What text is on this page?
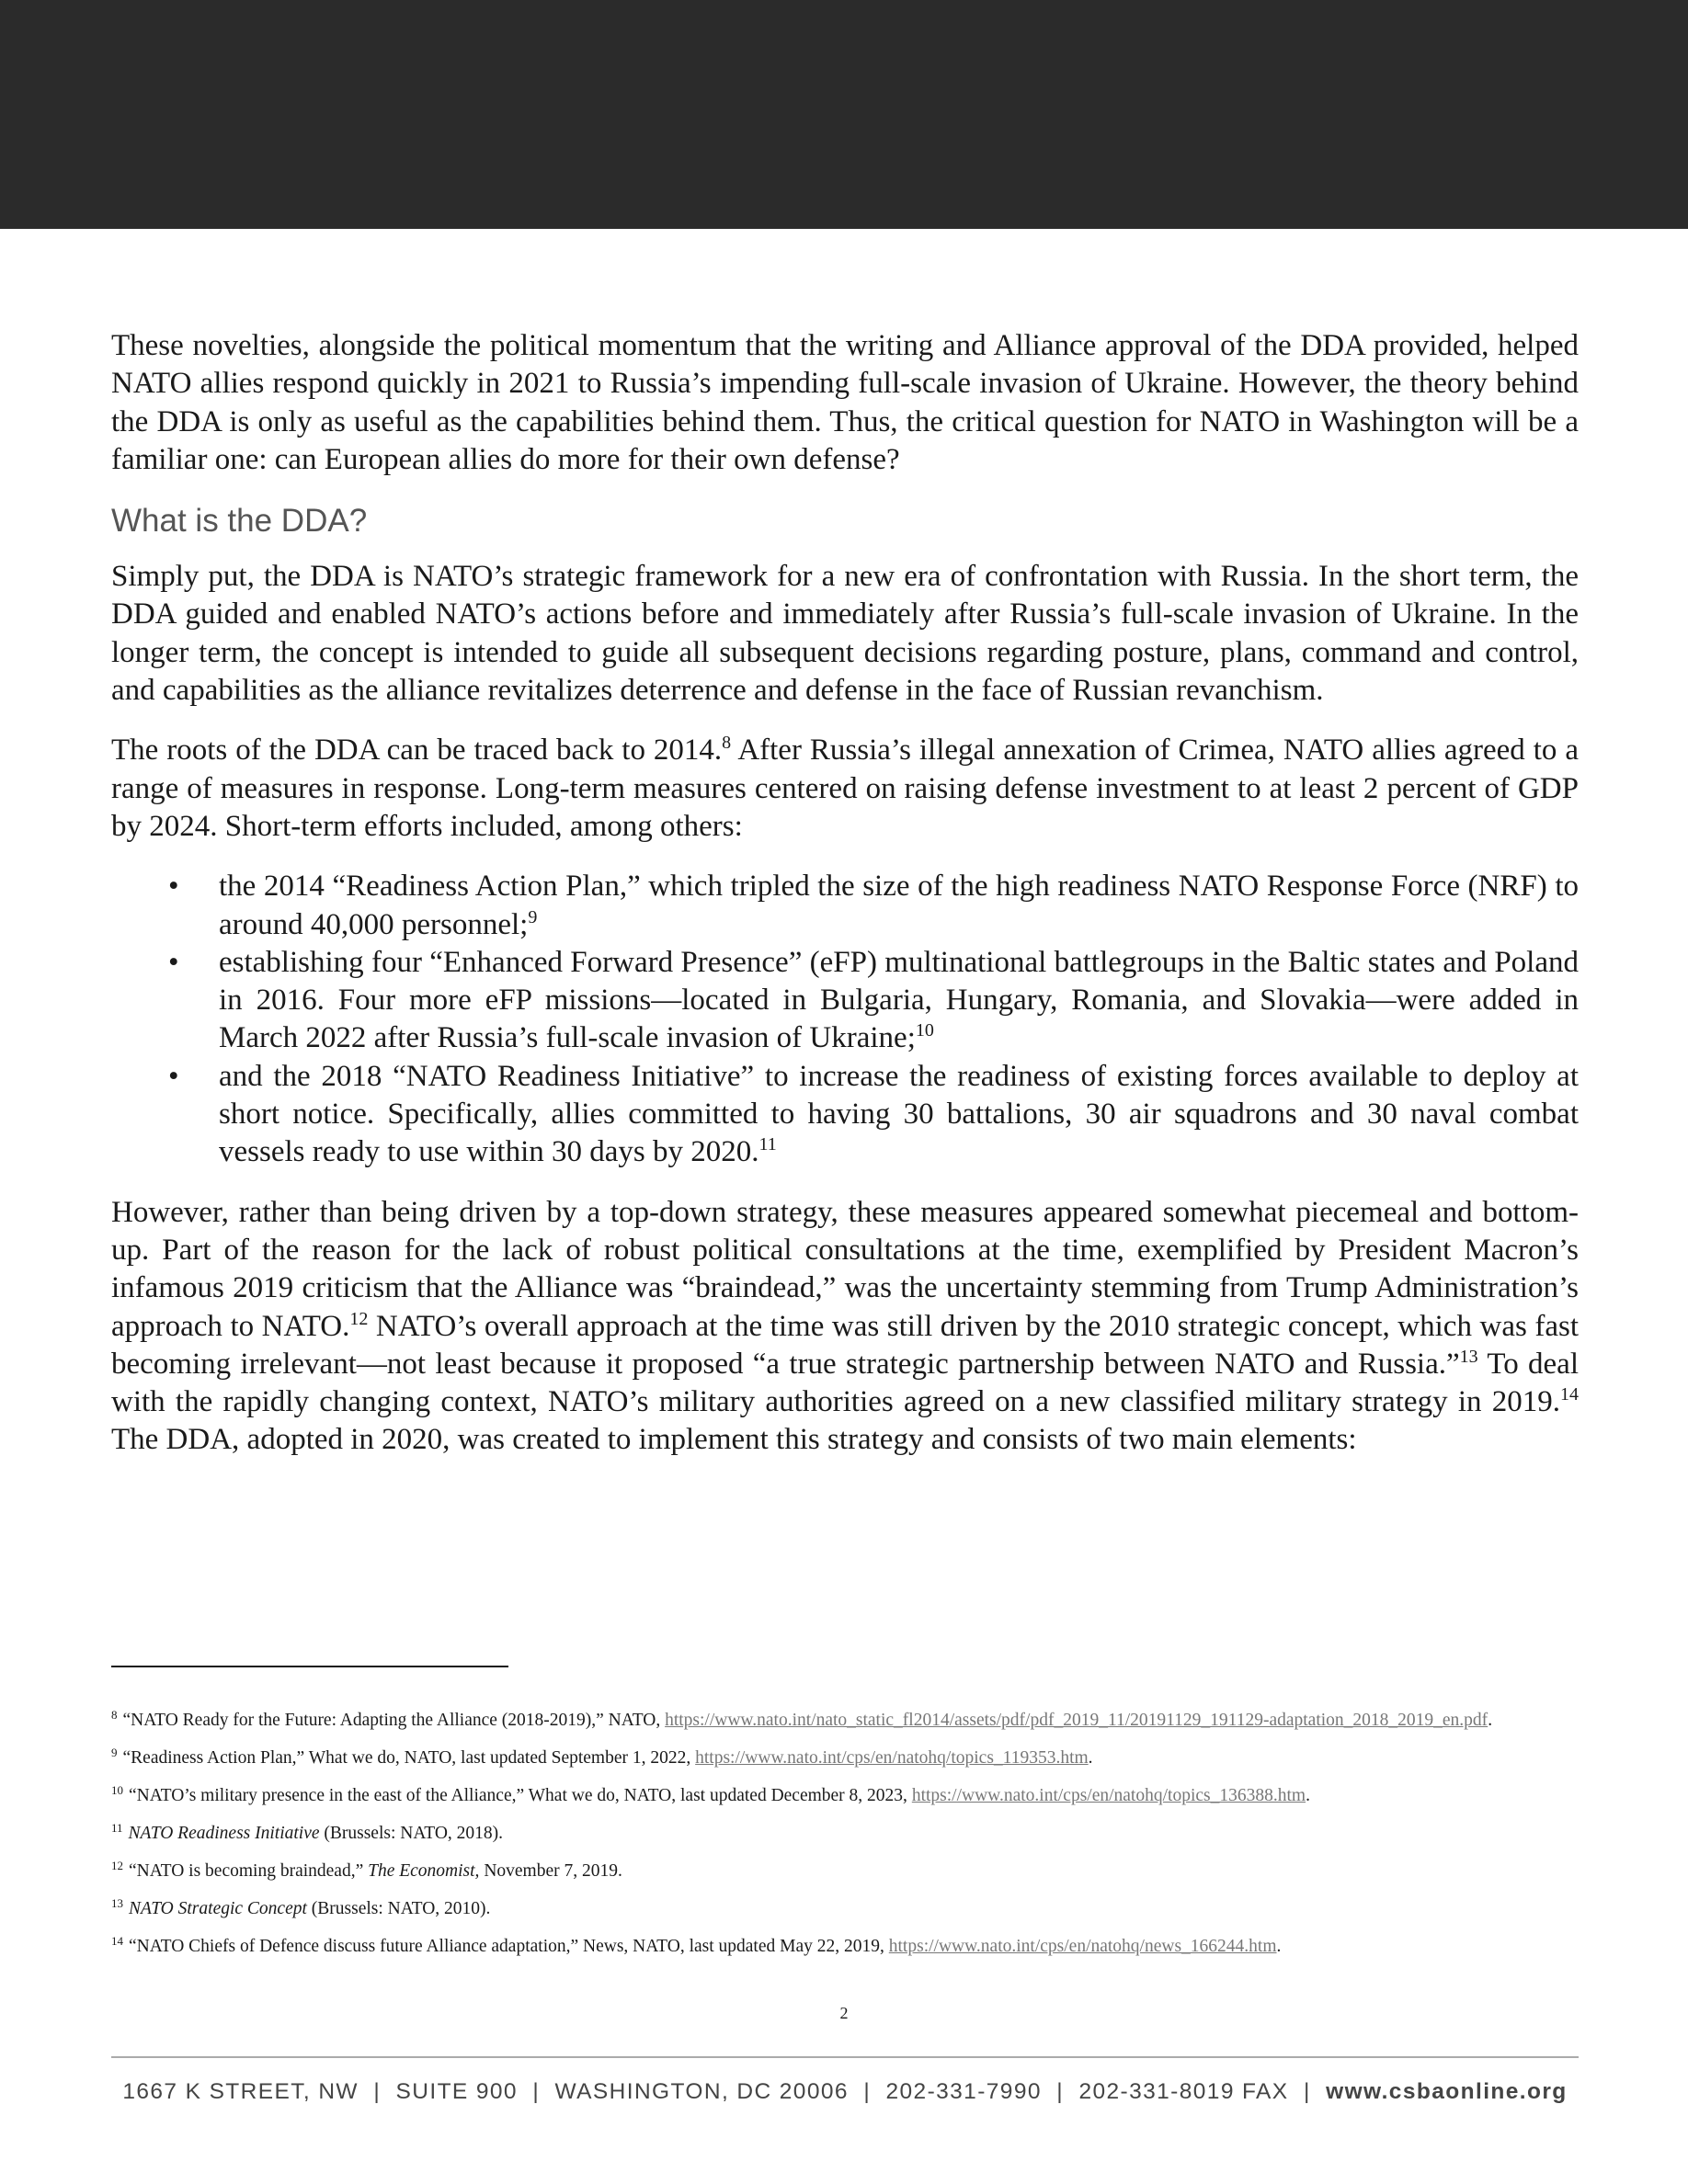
These novelties, alongside the political momentum that the writing and Alliance approval of the DDA provided, helped NATO allies respond quickly in 2021 to Russia’s impending full-scale invasion of Ukraine. However, the theory behind the DDA is only as useful as the capabilities behind them. Thus, the critical question for NATO in Washington will be a familiar one: can European allies do more for their own defense?

What is the DDA?

Simply put, the DDA is NATO’s strategic framework for a new era of confrontation with Russia. In the short term, the DDA guided and enabled NATO’s actions before and immediately after Russia’s full-scale invasion of Ukraine. In the longer term, the concept is intended to guide all subsequent decisions regarding posture, plans, command and control, and capabilities as the alliance revitalizes deterrence and defense in the face of Russian revanchism.

The roots of the DDA can be traced back to 2014.$^8$ After Russia’s illegal annexation of Crimea, NATO allies agreed to a range of measures in response. Long-term measures centered on raising defense investment to at least 2 percent of GDP by 2024. Short-term efforts included, among others:

• the 2014 “Readiness Action Plan,” which tripled the size of the high readiness NATO Response Force (NRF) to around 40,000 personnel;$^9$
• establishing four “Enhanced Forward Presence” (eFP) multinational battlegroups in the Baltic states and Poland in 2016. Four more eFP missions—located in Bulgaria, Hungary, Romania, and Slovakia—were added in March 2022 after Russia’s full-scale invasion of Ukraine;$^{10}$
• and the 2018 “NATO Readiness Initiative” to increase the readiness of existing forces available to deploy at short notice. Specifically, allies committed to having 30 battalions, 30 air squadrons and 30 naval combat vessels ready to use within 30 days by 2020.11

However, rather than being driven by a top-down strategy, these measures appeared somewhat piecemeal and bottom-up. Part of the reason for the lack of robust political consultations at the time, exemplified by President Macron’s infamous 2019 criticism that the Alliance was “braindead,” was the uncertainty stemming from Trump Administration’s approach to NATO.$^{12}$ NATO’s overall approach at the time was still driven by the 2010 strategic concept, which was fast becoming irrelevant—not least because it proposed “a true strategic partnership between NATO and Russia.”$^{13}$ To deal with the rapidly changing context, NATO’s military authorities agreed on a new classified military strategy in 2019.14 The DDA, adopted in 2020, was created to implement this strategy and consists of two main elements:

$^8$ “NATO Ready for the Future: Adapting the Alliance (2018-2019),” NATO, https://www.nato.int/nato_static_fl2014/assets/pdf/pdf_2019_11/20191129_191129-adaptation_2018_2019_en.pdf.
$^9$ “Readiness Action Plan,” What we do, NATO, last updated September 1, 2022, https://www.nato.int/cps/en/natohq/topics_119353.htm.
$^{10}$ “NATO’s military presence in the east of the Alliance,” What we do, NATO, last updated December 8, 2023, https://www.nato.int/cps/en/natohq/topics_136388.htm.
$^{11}$ NATO Readiness Initiative (Brussels: NATO, 2018).
$^{12}$ “NATO is becoming braindead,” The Economist, November 7, 2019.
$^{13}$ NATO Strategic Concept (Brussels: NATO, 2010).
$^{14}$ “NATO Chiefs of Defence discuss future Alliance adaptation,” News, NATO, last updated May 22, 2019, https://www.nato.int/cps/en/natohq/news_166244.htm.
2
1667 K STREET, NW  |  SUITE 900  |  WASHINGTON, DC 20006  |  202-331-7990  |  202-331-8019 FAX  |  www.csbaonline.org
